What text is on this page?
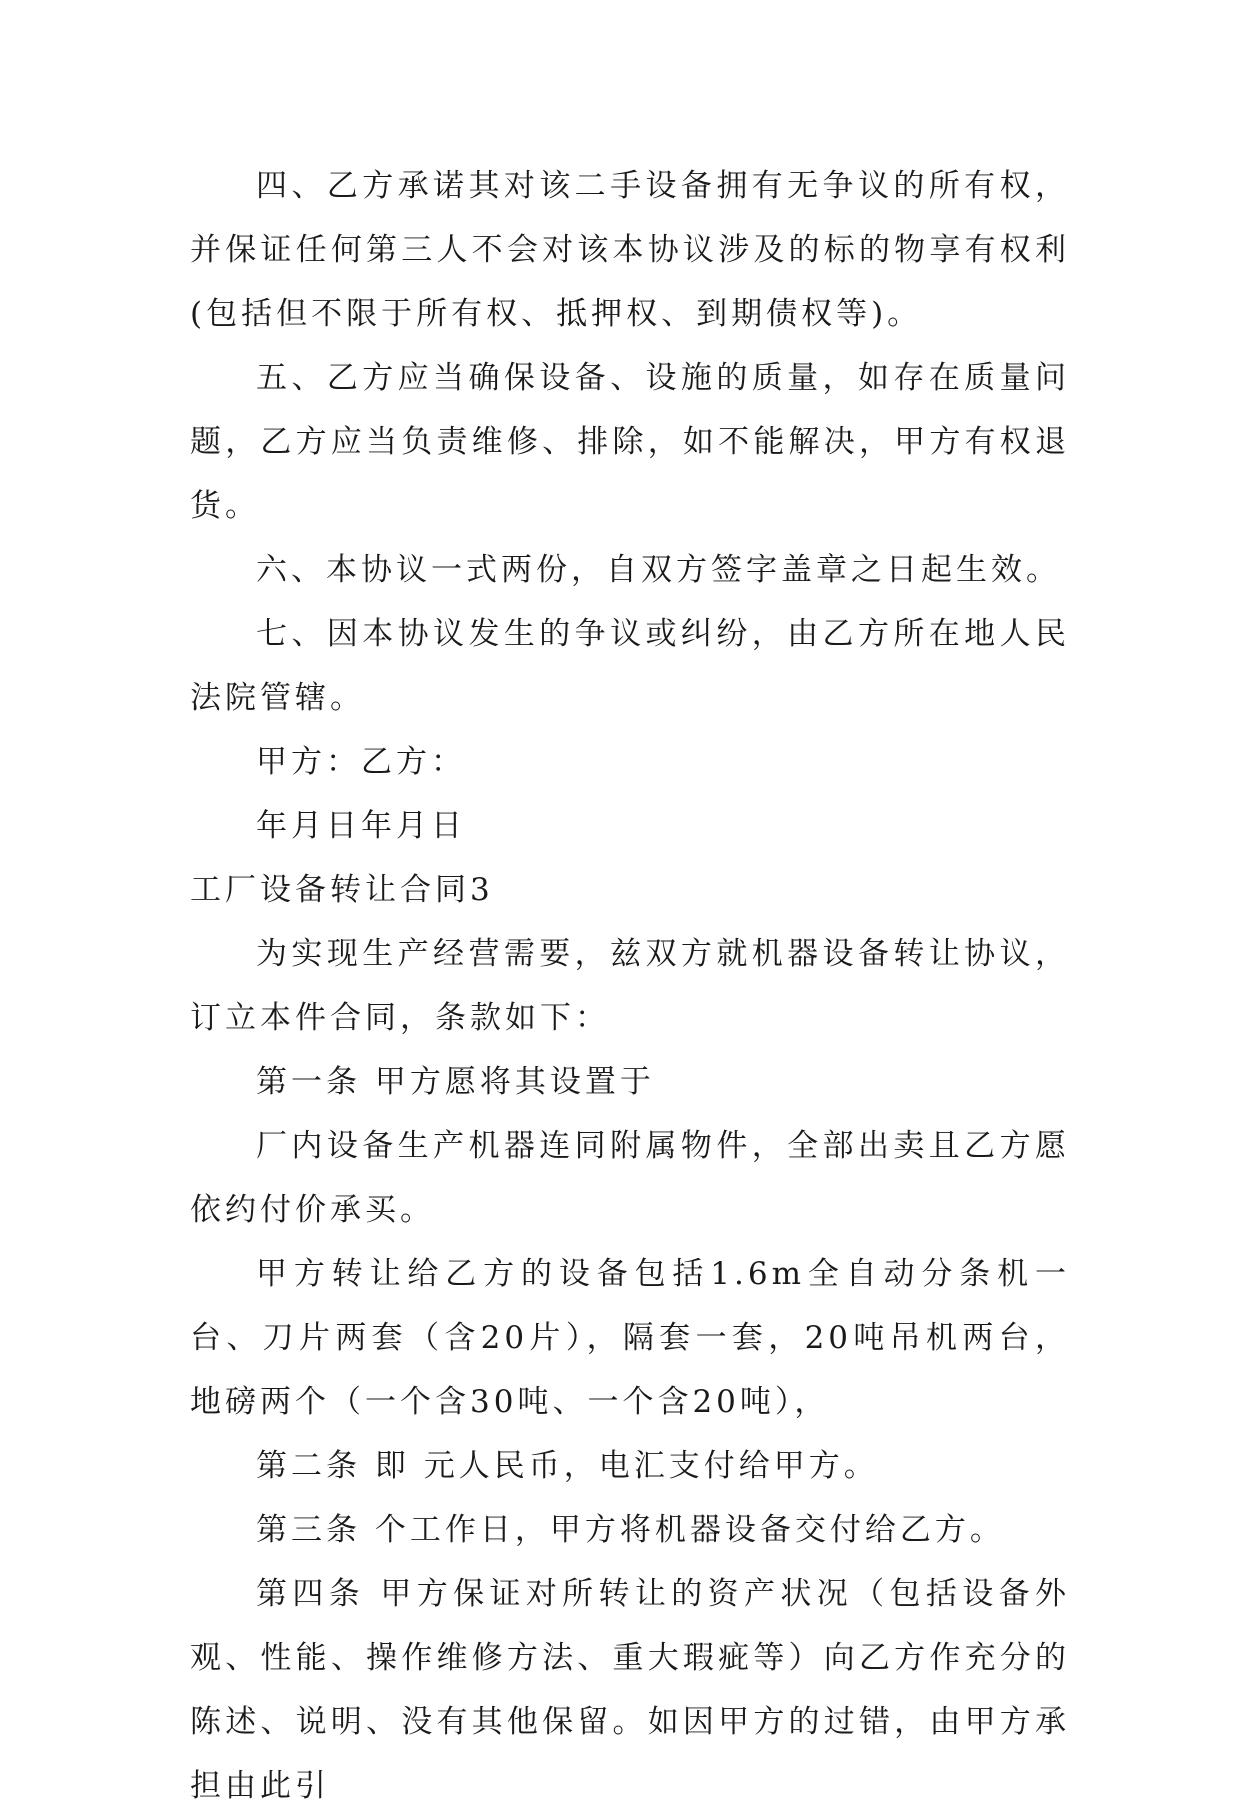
四、乙方承诺其对该二手设备拥有无争议的所有权，并保证任何第三人不会对该本协议涉及的标的物享有权利(包括但不限于所有权、抵押权、到期债权等)。

五、乙方应当确保设备、设施的质量，如存在质量问题，乙方应当负责维修、排除，如不能解决，甲方有权退货。

六、本协议一式两份，自双方签字盖章之日起生效。

七、因本协议发生的争议或纠纷，由乙方所在地人民法院管辖。

甲方：乙方：

年月日年月日

工厂设备转让合同3

为实现生产经营需要，兹双方就机器设备转让协议，订立本件合同，条款如下：

第一条 甲方愿将其设置于

厂内设备生产机器连同附属物件，全部出卖且乙方愿依约付价承买。

甲方转让给乙方的设备包括1.6m全自动分条机一台、刀片两套（含20片），隔套一套，20吨吊机两台，地磅两个（一个含30吨、一个含20吨），

第二条 即 元人民币，电汇支付给甲方。

第三条 个工作日，甲方将机器设备交付给乙方。

第四条 甲方保证对所转让的资产状况（包括设备外观、性能、操作维修方法、重大瑕疵等）向乙方作充分的陈述、说明、没有其他保留。如因甲方的过错，由甲方承担由此引
